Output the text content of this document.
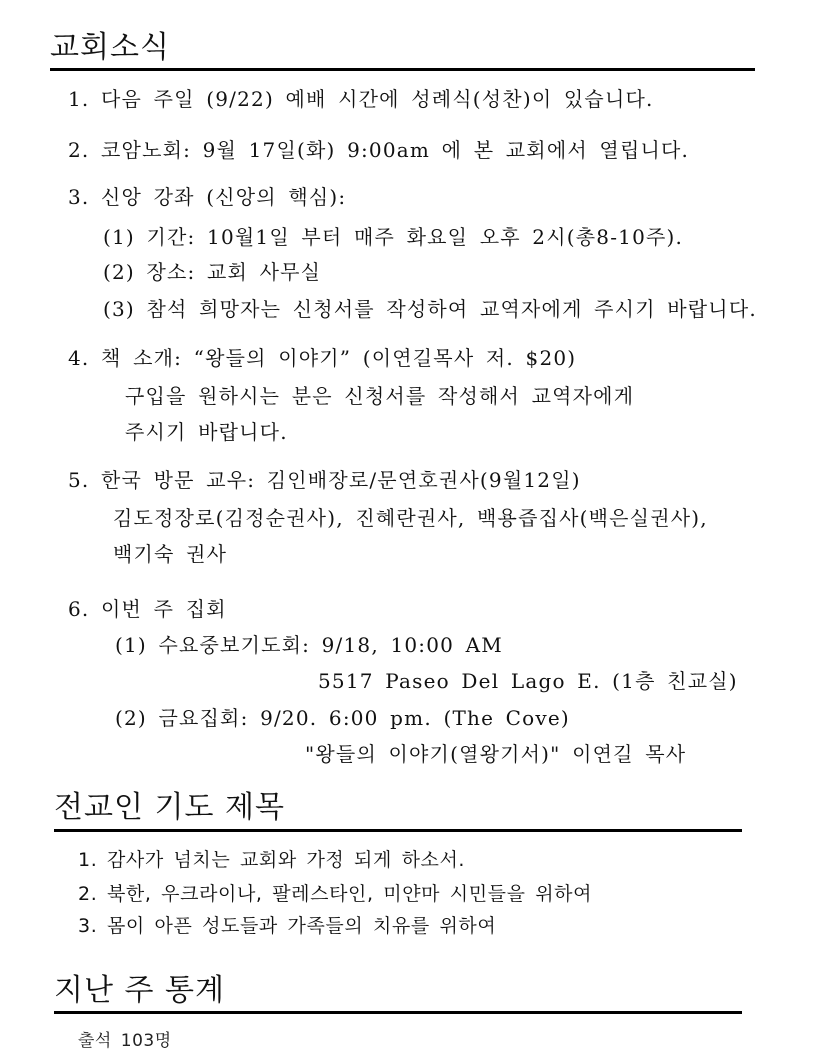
교회소식
1. 다음 주일 (9/22) 예배 시간에 성례식(성찬)이 있습니다.
2. 코암노회: 9월 17일(화) 9:00am 에 본 교회에서 열립니다.
3. 신앙 강좌 (신앙의 핵심):
(1) 기간: 10월1일 부터 매주 화요일 오후 2시(총8-10주).
(2) 장소: 교회 사무실
(3) 참석 희망자는 신청서를 작성하여 교역자에게 주시기 바랍니다.
4. 책 소개: “왕들의 이야기” (이연길목사 저. $20)
구입을 원하시는 분은 신청서를 작성해서 교역자에게
주시기 바랍니다.
5. 한국 방문 교우: 김인배장로/문연호권사(9월12일)
김도정장로(김정순권사), 진혜란권사, 백용즙집사(백은실권사),
백기숙 권사
6. 이번 주 집회
(1) 수요중보기도회: 9/18, 10:00 AM
5517 Paseo Del Lago E. (1층 친교실)
(2) 금요집회: 9/20. 6:00 pm. (The Cove)
"왕들의 이야기(열왕기서)" 이연길 목사
전교인 기도 제목
1. 감사가 넘치는 교회와 가정 되게 하소서.
2. 북한, 우크라이나, 팔레스타인, 미얀마 시민들을 위하여
3. 몸이 아픈 성도들과 가족들의 치유를 위하여
지난 주 통계
출석 103명
